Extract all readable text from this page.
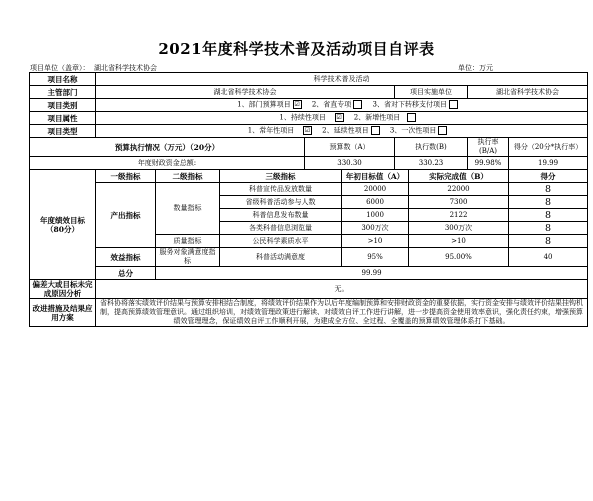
2021年度科学技术普及活动项目自评表
项目单位（盖章）： 湖北省科学技术协会	单位：万元
项目名称	科学技术普及活动								
主管部门	湖北省科学技术协会					项目实施单位		湖北省科学技术协会	
项目类别	1、部门预算项目 ☑ 2、省直专项 3、省对下转移支付项目								
项目属性	1、持续性项目 ☑ 2、新增性项目								
项目类型	1、常年性项目 ☑ 2、延续性项目 3、一次性项目								
预算执行情况（万元）（20分）				预算数（A）		执行数(B)		执行率(B/A)	得分（20分*执行率）
年度财政资金总额:				330.30		330.23		99.98%	19.99
年度绩效目标（80分）	一级指标	二级指标	三级指标		年初目标值（A）		实际完成值（B）		得分
	产出指标	数量指标	科普宣传品发放数量		20000		22000		8
			省级科普活动参与人数		6000		7300		8
			科普信息发布数量		1000		2122		8
			各类科普信息浏览量		300万次		300万次		8
		质量指标	公民科学素质水平		>10		>10		8
	效益指标	服务对象满意度指标	科普活动满意度		95%		95.00%		40
	总分	99.99							
偏差大或目标未完成原因分析	无。								
改进措施及结果应用方案	省科协将落实绩效评价结果与预算安排相结合制度，将绩效评价结果作为以后年度编制预算和安排财政资金的重要依据，实行资金安排与绩效评价结果挂钩机制，提高预算绩效管理意识。通过组织培训，对绩效管理政策进行解读、对绩效自评工作进行讲解，进一步提高资金使用效率意识，强化责任约束，增强预算绩效管理理念，保证绩效自评工作顺利开展，为建成全方位、全过程、全覆盖的预算绩效管理体系打下基础。								
